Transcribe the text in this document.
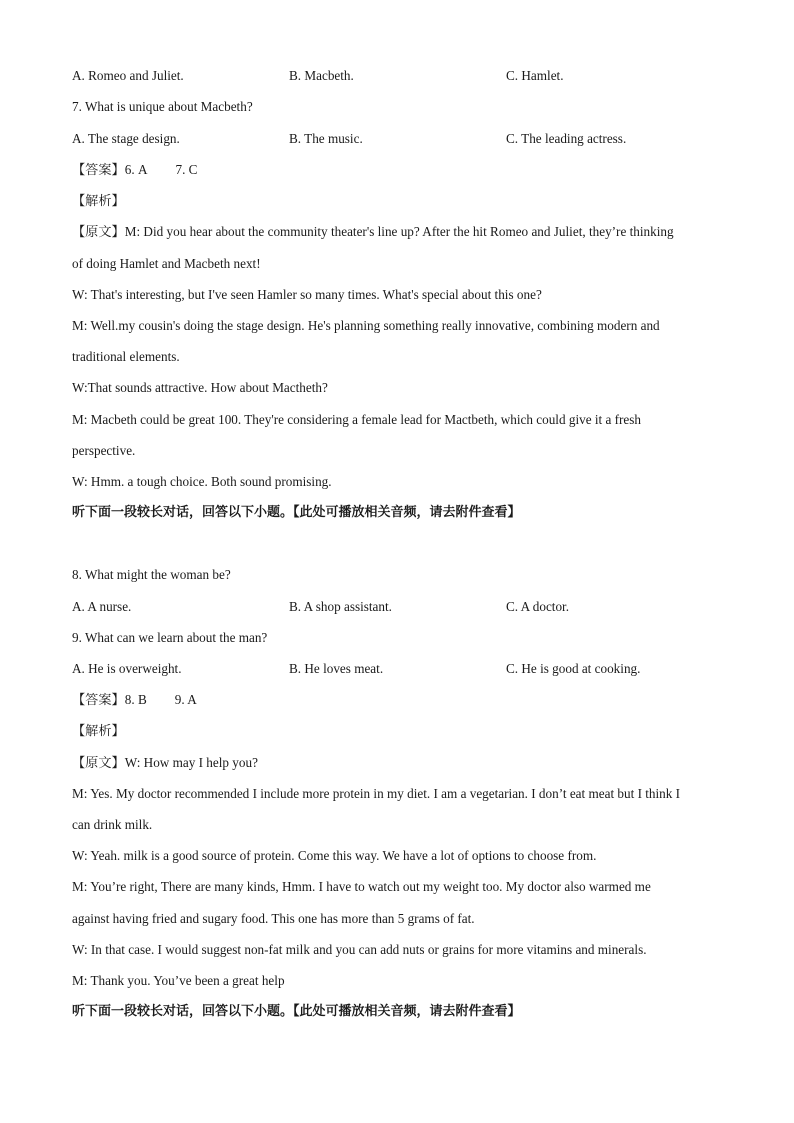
A. Romeo and Juliet.	B. Macbeth.	C. Hamlet.
7. What is unique about Macbeth?
A. The stage design.	B. The music.	C. The leading actress.
【答案】6. A 7. C
【解析】
【原文】M: Did you hear about the community theater's line up? After the hit Romeo and Juliet, they’re thinking
of doing Hamlet and Macbeth next!
W: That's interesting, but I've seen Hamler so many times. What's special about this one?
M: Well.my cousin's doing the stage design. He's planning something really innovative, combining modern and
traditional elements.
W:That sounds attractive. How about Mactheth?
M: Macbeth could be great 100. They're considering a female lead for Mactbeth, which could give it a fresh
perspective.
W: Hmm. a tough choice. Both sound promising.
听下面一段较长对话，回答以下小题。【此处可播放相关音频，请去附件查看】
8. What might the woman be?
A. A nurse.	B. A shop assistant.	C. A doctor.
9. What can we learn about the man?
A. He is overweight.	B. He loves meat.	C. He is good at cooking.
【答案】8. B 9. A
【解析】
【原文】W: How may I help you?
M: Yes. My doctor recommended I include more protein in my diet. I am a vegetarian. I don’t eat meat but I think I
can drink milk.
W: Yeah. milk is a good source of protein. Come this way. We have a lot of options to choose from.
M: You’re right, There are many kinds, Hmm. I have to watch out my weight too. My doctor also warmed me
against having fried and sugary food. This one has more than 5 grams of fat.
W: In that case. I would suggest non-fat milk and you can add nuts or grains for more vitamins and minerals.
M: Thank you. You’ve been a great help
听下面一段较长对话，回答以下小题。【此处可播放相关音频，请去附件查看】
